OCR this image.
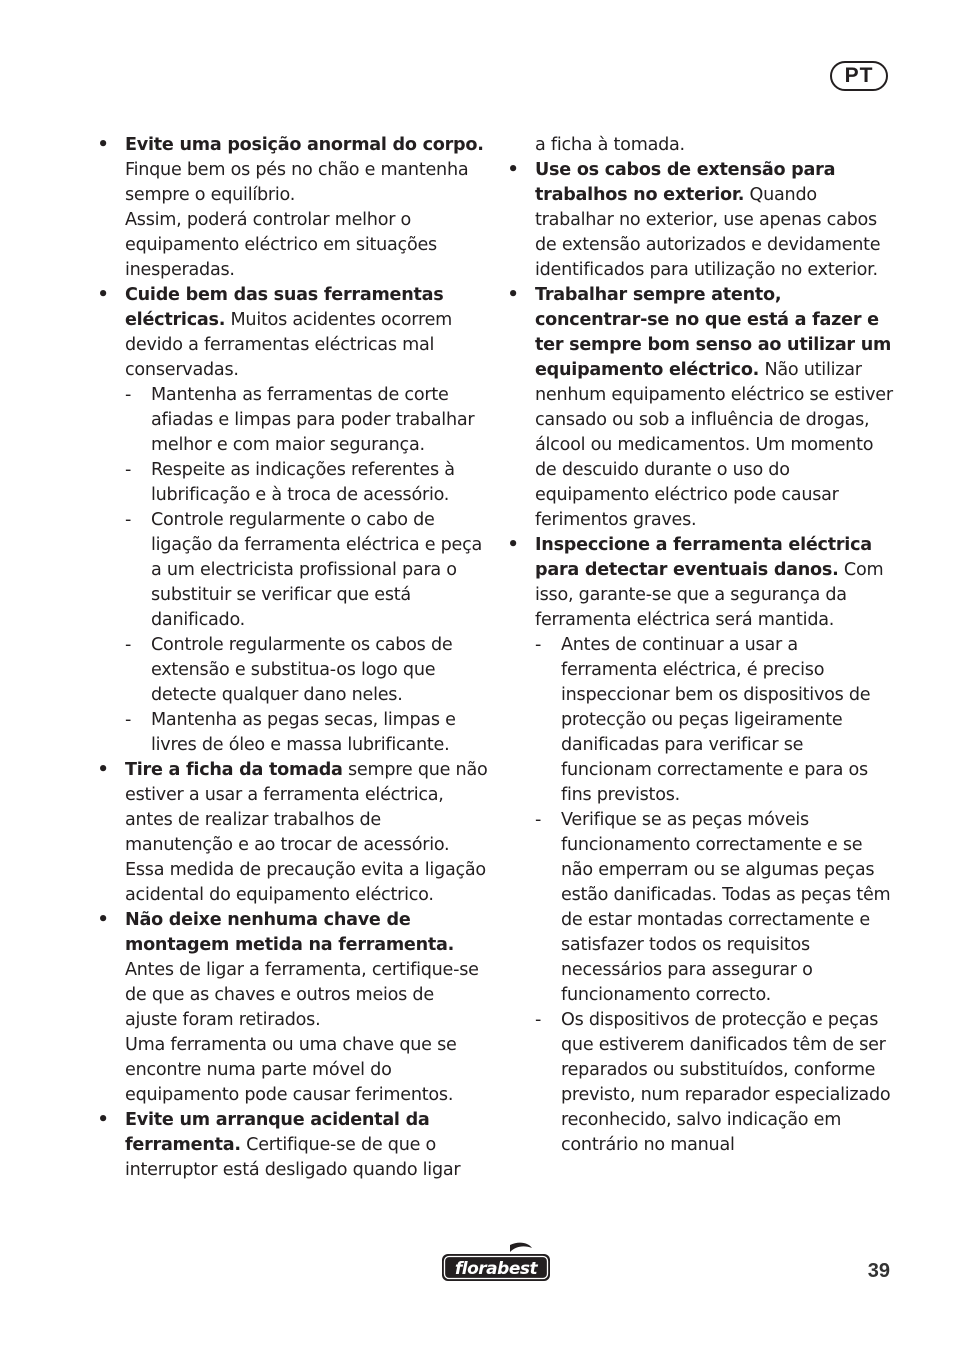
PT
• Evite uma posição anormal do corpo. Finque bem os pés no chão e mantenha sempre o equilíbrio.
Assim, poderá controlar melhor o equipamento eléctrico em situações inesperadas.
• Cuide bem das suas ferramentas eléctricas. Muitos acidentes ocorrem devido a ferramentas eléctricas mal conservadas.
- Mantenha as ferramentas de corte afiadas e limpas para poder trabalhar melhor e com maior segurança.
- Respeite as indicações referentes à lubrificação e à troca de acessório.
- Controle regularmente o cabo de ligação da ferramenta eléctrica e peça a um electricista profissional para o substituir se verificar que está danificado.
- Controle regularmente os cabos de extensão e substitua-os logo que detecte qualquer dano neles.
- Mantenha as pegas secas, limpas e livres de óleo e massa lubrificante.
• Tire a ficha da tomada sempre que não estiver a usar a ferramenta eléctrica, antes de realizar trabalhos de manutenção e ao trocar de acessório. Essa medida de precaução evita a ligação acidental do equipamento eléctrico.
• Não deixe nenhuma chave de montagem metida na ferramenta. Antes de ligar a ferramenta, certifique-se de que as chaves e outros meios de ajuste foram retirados.
Uma ferramenta ou uma chave que se encontre numa parte móvel do equipamento pode causar ferimentos.
• Evite um arranque acidental da ferramenta. Certifique-se de que o interruptor está desligado quando ligar
a ficha à tomada.
• Use os cabos de extensão para trabalhos no exterior. Quando trabalhar no exterior, use apenas cabos de extensão autorizados e devidamente identificados para utilização no exterior.
• Trabalhar sempre atento, concentrar-se no que está a fazer e ter sempre bom senso ao utilizar um equipamento eléctrico. Não utilizar nenhum equipamento eléctrico se estiver cansado ou sob a influência de drogas, álcool ou medicamentos. Um momento de descuido durante o uso do equipamento eléctrico pode causar ferimentos graves.
• Inspeccione a ferramenta eléctrica para detectar eventuais danos. Com isso, garante-se que a segurança da ferramenta eléctrica será mantida.
- Antes de continuar a usar a ferramenta eléctrica, é preciso inspeccionar bem os dispositivos de protecção ou peças ligeiramente danificadas para verificar se funcionam correctamente e para os fins previstos.
- Verifique se as peças móveis funcionamento correctamente e se não emperram ou se algumas peças estão danificadas. Todas as peças têm de estar montadas correctamente e satisfazer todos os requisitos necessários para assegurar o funcionamento correcto.
- Os dispositivos de protecção e peças que estiverem danificados têm de ser reparados ou substituídos, conforme previsto, num reparador especializado reconhecido, salvo indicação em contrário no manual
florabest	39
